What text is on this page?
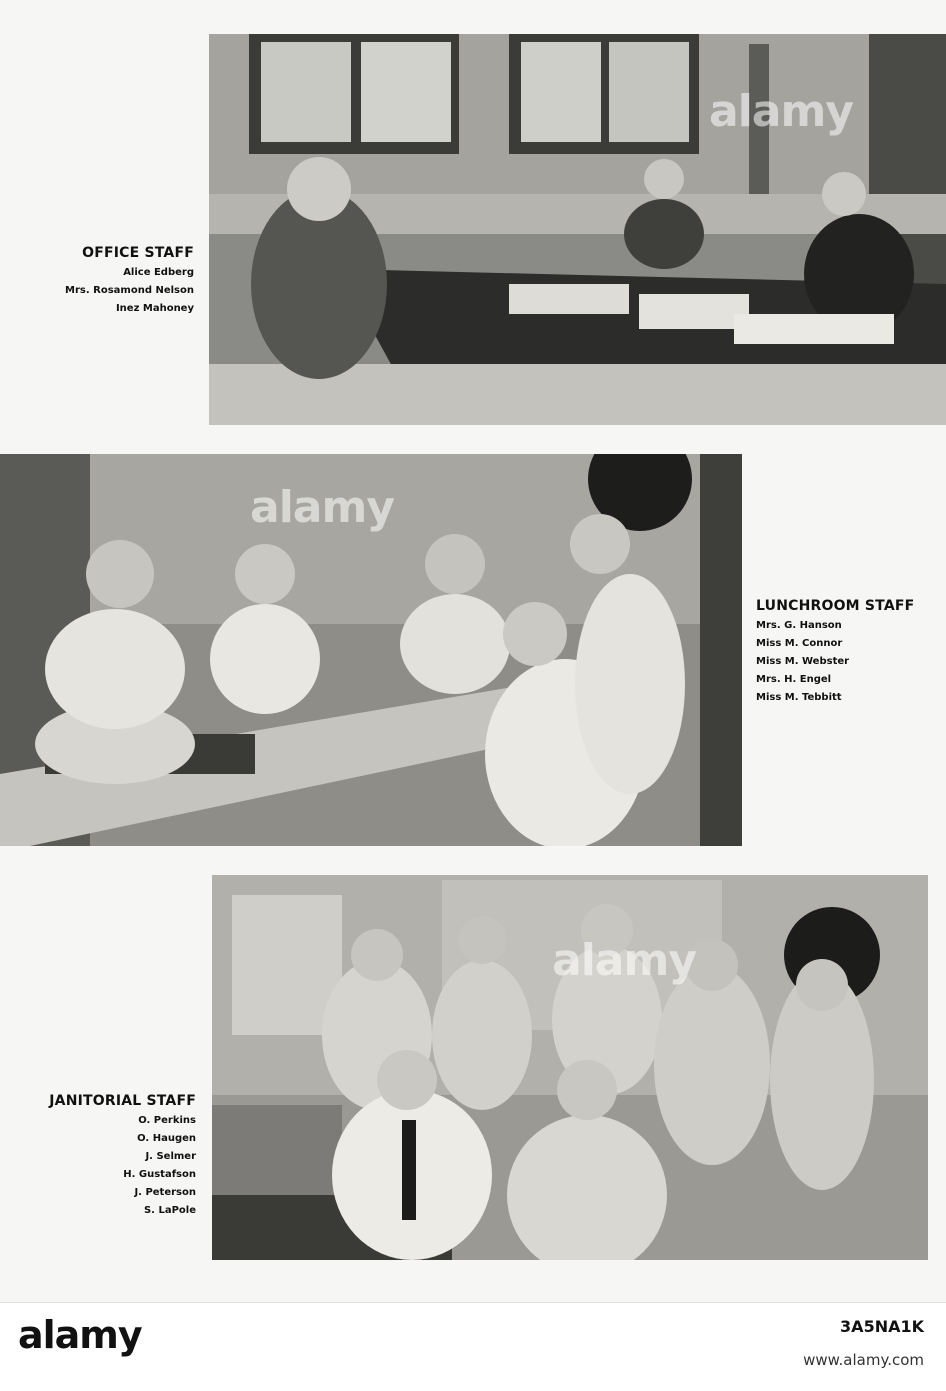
alamy
OFFICE STAFF
Alice Edberg
Mrs. Rosamond Nelson
Inez Mahoney
alamy
LUNCHROOM STAFF
Mrs. G. Hanson
Miss M. Connor
Miss M. Webster
Mrs. H. Engel
Miss M. Tebbitt
alamy
JANITORIAL STAFF
O. Perkins
O. Haugen
J. Selmer
H. Gustafson
J. Peterson
S. LaPole
alamy	3A5NA1K
www.alamy.com
